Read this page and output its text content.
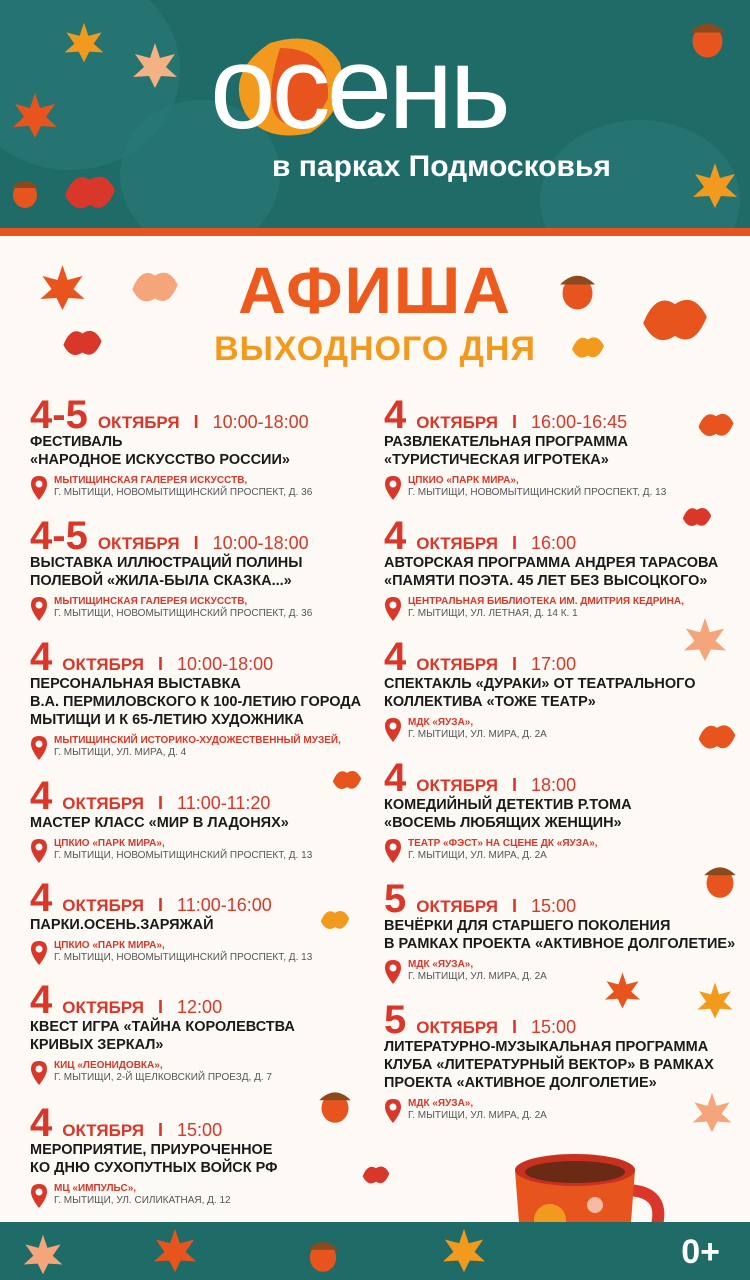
осень
в парках Подмосковья
АФИША
ВЫХОДНОГО ДНЯ
4-5 ОКТЯБРЯ I 10:00-18:00
ФЕСТИВАЛЬ
«НАРОДНОЕ ИСКУССТВО РОССИИ»
МЫТИЩИНСКАЯ ГАЛЕРЕЯ ИСКУССТВ,
Г. МЫТИЩИ, НОВОМЫТИЩИНСКИЙ ПРОСПЕКТ, Д. 36
4-5 ОКТЯБРЯ I 10:00-18:00
ВЫСТАВКА ИЛЛЮСТРАЦИЙ ПОЛИНЫ
ПОЛЕВОЙ «ЖИЛА-БЫЛА СКАЗКА...»
МЫТИЩИНСКАЯ ГАЛЕРЕЯ ИСКУССТВ,
Г. МЫТИЩИ, НОВОМЫТИЩИНСКИЙ ПРОСПЕКТ, Д. 36
4 ОКТЯБРЯ I 10:00-18:00
ПЕРСОНАЛЬНАЯ ВЫСТАВКА
В.А. ПЕРМИЛОВСКОГО К 100-ЛЕТИЮ ГОРОДА
МЫТИЩИ И К 65-ЛЕТИЮ ХУДОЖНИКА
МЫТИЩИНСКИЙ ИСТОРИКО-ХУДОЖЕСТВЕННЫЙ МУЗЕЙ,
Г. МЫТИЩИ, УЛ. МИРА, Д. 4
4 ОКТЯБРЯ I 11:00-11:20
МАСТЕР КЛАСС «МИР В ЛАДОНЯХ»
ЦПКИО «ПАРК МИРА»,
Г. МЫТИЩИ, НОВОМЫТИЩИНСКИЙ ПРОСПЕКТ, Д. 13
4 ОКТЯБРЯ I 11:00-16:00
ПАРКИ.ОСЕНЬ.ЗАРЯЖАЙ
ЦПКИО «ПАРК МИРА»,
Г. МЫТИЩИ, НОВОМЫТИЩИНСКИЙ ПРОСПЕКТ, Д. 13
4 ОКТЯБРЯ I 12:00
КВЕСТ ИГРА «ТАЙНА КОРОЛЕВСТВА
КРИВЫХ ЗЕРКАЛ»
КИЦ «ЛЕОНИДОВКА»,
Г. МЫТИЩИ, 2-Й ЩЕЛКОВСКИЙ ПРОЕЗД, Д. 7
4 ОКТЯБРЯ I 15:00
МЕРОПРИЯТИЕ, ПРИУРОЧЕННОЕ
КО ДНЮ СУХОПУТНЫХ ВОЙСК РФ
МЦ «ИМПУЛЬС»,
Г. МЫТИЩИ, УЛ. СИЛИКАТНАЯ, Д. 12
4 ОКТЯБРЯ I 16:00-16:45
РАЗВЛЕКАТЕЛЬНАЯ ПРОГРАММА
«ТУРИСТИЧЕСКАЯ ИГРОТЕКА»
ЦПКИО «ПАРК МИРА»,
Г. МЫТИЩИ, НОВОМЫТИЩИНСКИЙ ПРОСПЕКТ, Д. 13
4 ОКТЯБРЯ I 16:00
АВТОРСКАЯ ПРОГРАММА АНДРЕЯ ТАРАСОВА
«ПАМЯТИ ПОЭТА. 45 ЛЕТ БЕЗ ВЫСОЦКОГО»
ЦЕНТРАЛЬНАЯ БИБЛИОТЕКА ИМ. ДМИТРИЯ КЕДРИНА,
Г. МЫТИЩИ, УЛ. ЛЕТНАЯ, Д. 14 К. 1
4 ОКТЯБРЯ I 17:00
СПЕКТАКЛЬ «ДУРАКИ» ОТ ТЕАТРАЛЬНОГО
КОЛЛЕКТИВА «ТОЖЕ ТЕАТР»
МДК «ЯУЗА»,
Г. МЫТИЩИ, УЛ. МИРА, Д. 2А
4 ОКТЯБРЯ I 18:00
КОМЕДИЙНЫЙ ДЕТЕКТИВ Р.ТОМА
«ВОСЕМЬ ЛЮБЯЩИХ ЖЕНЩИН»
ТЕАТР «ФЭСТ» НА СЦЕНЕ ДК «ЯУЗА»,
Г. МЫТИЩИ, УЛ. МИРА, Д. 2А
5 ОКТЯБРЯ I 15:00
ВЕЧЁРКИ ДЛЯ СТАРШЕГО ПОКОЛЕНИЯ
В РАМКАХ ПРОЕКТА «АКТИВНОЕ ДОЛГОЛЕТИЕ»
МДК «ЯУЗА»,
Г. МЫТИЩИ, УЛ. МИРА, Д. 2А
5 ОКТЯБРЯ I 15:00
ЛИТЕРАТУРНО-МУЗЫКАЛЬНАЯ ПРОГРАММА
КЛУБА «ЛИТЕРАТУРНЫЙ ВЕКТОР» В РАМКАХ
ПРОЕКТА «АКТИВНОЕ ДОЛГОЛЕТИЕ»
МДК «ЯУЗА»,
Г. МЫТИЩИ, УЛ. МИРА, Д. 2А
0+
